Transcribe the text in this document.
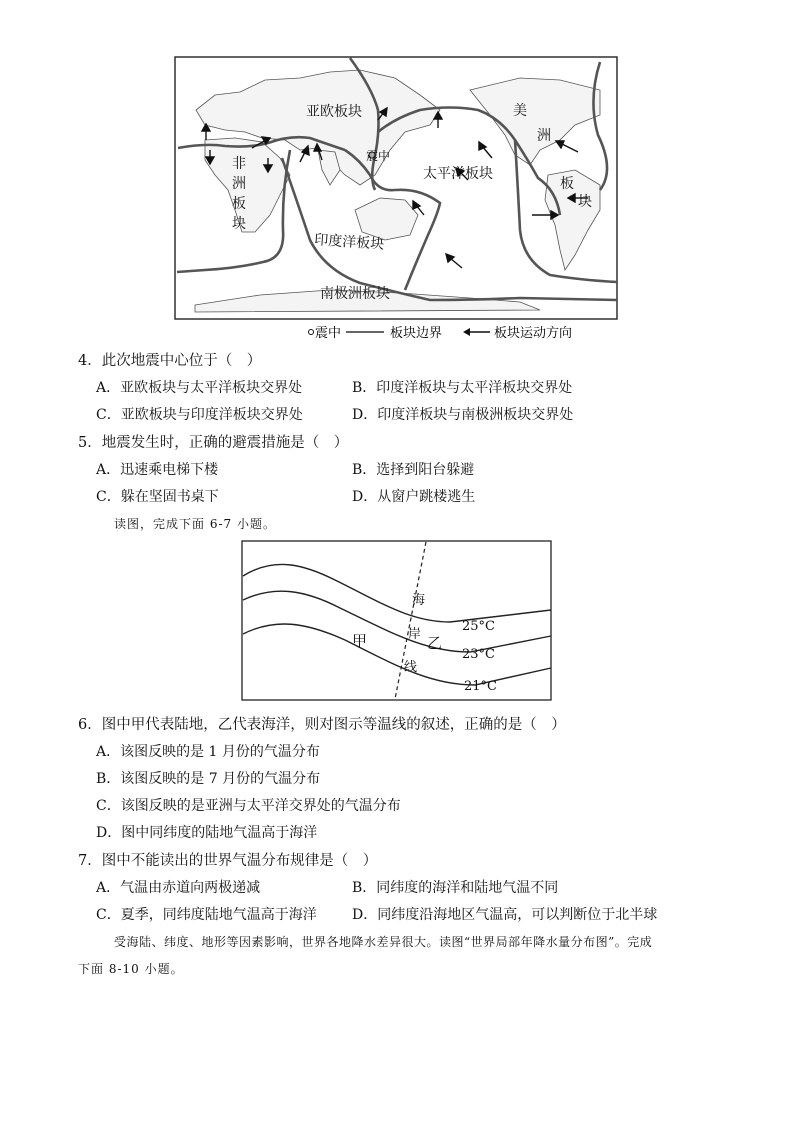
亚欧板块
非
洲
板
块
太平洋板块
印度洋板块
南极洲板块
美
洲
板
块
震中
震中	板块边界	板块运动方向
4．此次地震中心位于（　）
A．亚欧板块与太平洋板块交界处	B．印度洋板块与太平洋板块交界处
C．亚欧板块与印度洋板块交界处	D．印度洋板块与南极洲板块交界处
5．地震发生时，正确的避震措施是（　）
A．迅速乘电梯下楼	B．选择到阳台躲避
C．躲在坚固书桌下	D．从窗户跳楼逃生
读图，完成下面 6-7 小题。
甲	乙
海
岸
线
25°C
23°C
21°C
6．图中甲代表陆地，乙代表海洋，则对图示等温线的叙述，正确的是（　）
A．该图反映的是 1 月份的气温分布
B．该图反映的是 7 月份的气温分布
C．该图反映的是亚洲与太平洋交界处的气温分布
D．图中同纬度的陆地气温高于海洋
7．图中不能读出的世界气温分布规律是（　）
A．气温由赤道向两极递减	B．同纬度的海洋和陆地气温不同
C．夏季，同纬度陆地气温高于海洋	D．同纬度沿海地区气温高，可以判断位于北半球
受海陆、纬度、地形等因素影响，世界各地降水差异很大。读图“世界局部年降水量分布图”。完成
下面 8-10 小题。
